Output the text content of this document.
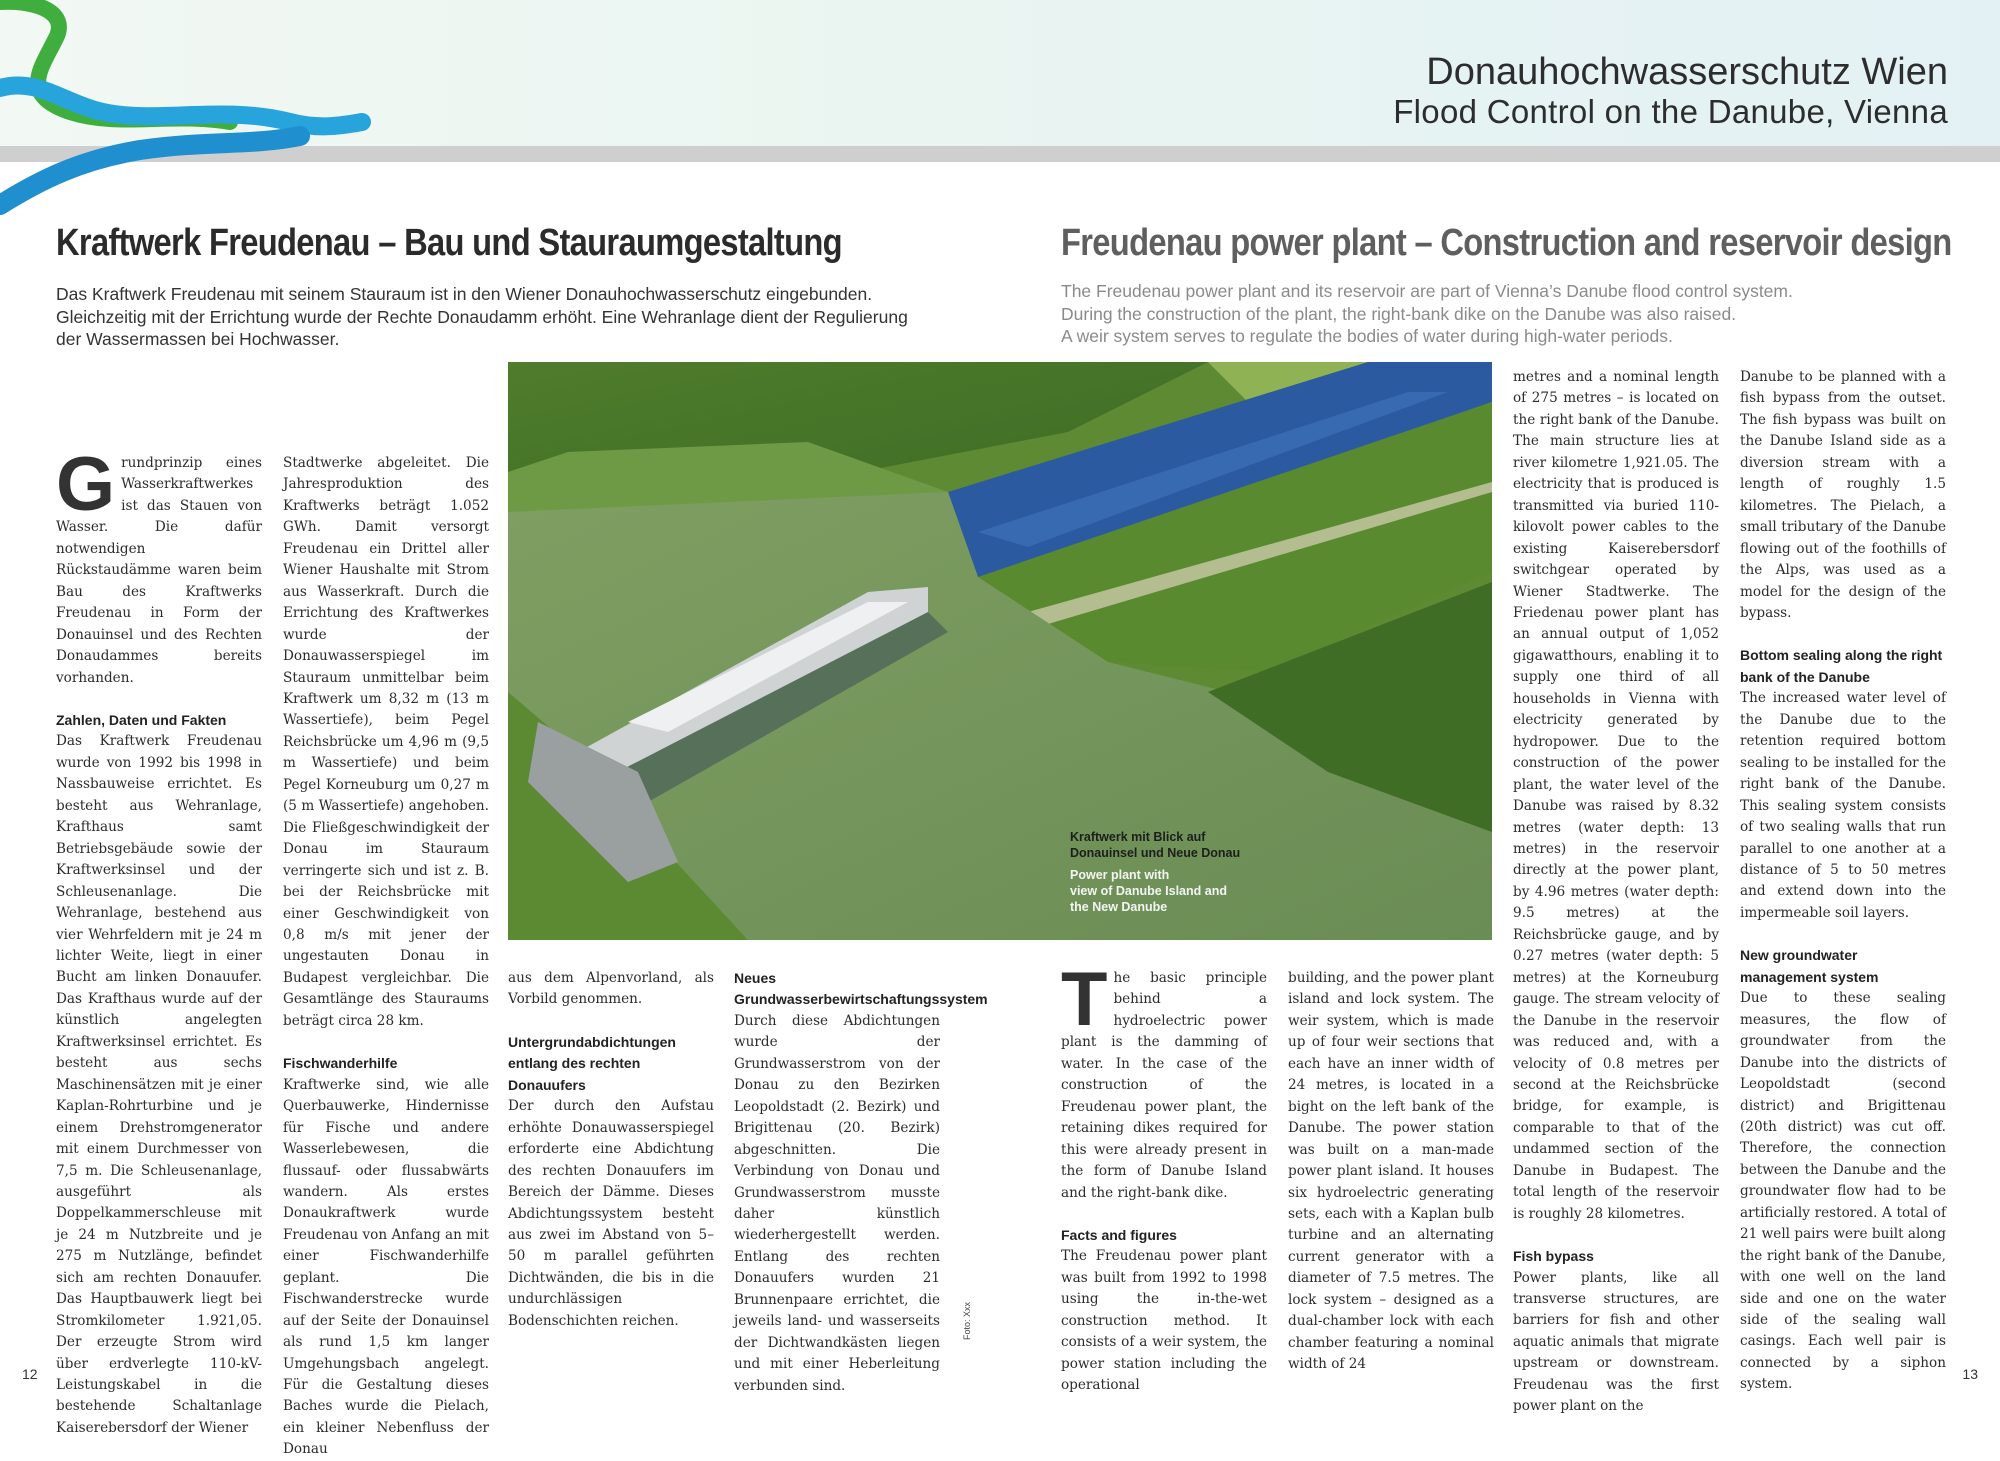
Donauhochwasserschutz Wien
Flood Control on the Danube, Vienna
Kraftwerk Freudenau – Bau und Stauraumgestaltung	Freudenau power plant – Construction and reservoir design
Das Kraftwerk Freudenau mit seinem Stauraum ist in den Wiener Donauhochwasserschutz eingebunden.
Gleichzeitig mit der Errichtung wurde der Rechte Donaudamm erhöht. Eine Wehranlage dient der Regulierung
der Wassermassen bei Hochwasser.
The Freudenau power plant and its reservoir are part of Vienna’s Danube flood control system.
During the construction of the plant, the right-bank dike on the Danube was also raised.
A weir system serves to regulate the bodies of water during high-water periods.
Kraftwerk mit Blick auf
Donauinsel und Neue Donau
Power plant with
view of Danube Island and
the New Danube
Foto: Xxx

Grundprinzip eines Wasserkraftwerkes ist das Stauen von Wasser. Die dafür notwendigen Rückstaudämme waren beim Bau des Kraftwerks Freudenau in Form der Donauinsel und des Rechten Donaudammes bereits vorhanden.

Zahlen, Daten und Fakten

Das Kraftwerk Freudenau wurde von 1992 bis 1998 in Nassbauweise errichtet. Es besteht aus Wehranlage, Krafthaus samt Betriebsgebäude sowie der Kraftwerksinsel und der Schleusenanlage. Die Wehranlage, bestehend aus vier Wehrfeldern mit je 24 m lichter Weite, liegt in einer Bucht am linken Donauufer. Das Krafthaus wurde auf der künstlich angelegten Kraftwerksinsel errichtet. Es besteht aus sechs Maschinensätzen mit je einer Kaplan-Rohrturbine und je einem Drehstromgenerator mit einem Durchmesser von 7,5 m. Die Schleusenanlage, ausgeführt als Doppelkammerschleuse mit je 24 m Nutzbreite und je 275 m Nutzlänge, befindet sich am rechten Donauufer. Das Hauptbauwerk liegt bei Stromkilometer 1.921,05. Der erzeugte Strom wird über erdverlegte 110-kV-Leistungskabel in die bestehende Schaltanlage Kaiserebersdorf der Wiener

Stadtwerke abgeleitet. Die Jahresproduktion des Kraftwerks beträgt 1.052 GWh. Damit versorgt Freudenau ein Drittel aller Wiener Haushalte mit Strom aus Wasserkraft. Durch die Errichtung des Kraftwerkes wurde der Donauwasserspiegel im Stauraum unmittelbar beim Kraftwerk um 8,32 m (13 m Wassertiefe), beim Pegel Reichsbrücke um 4,96 m (9,5 m Wassertiefe) und beim Pegel Korneuburg um 0,27 m (5 m Wassertiefe) angehoben. Die Fließgeschwindigkeit der Donau im Stauraum verringerte sich und ist z. B. bei der Reichsbrücke mit einer Geschwindigkeit von 0,8 m/s mit jener der ungestauten Donau in Budapest vergleichbar. Die Gesamtlänge des Stauraums beträgt circa 28 km.

Fischwanderhilfe

Kraftwerke sind, wie alle Querbauwerke, Hindernisse für Fische und andere Wasserlebewesen, die flussauf- oder flussabwärts wandern. Als erstes Donaukraftwerk wurde Freudenau von Anfang an mit einer Fischwanderhilfe geplant. Die Fischwanderstrecke wurde auf der Seite der Donauinsel als rund 1,5 km langer Umgehungsbach angelegt. Für die Gestaltung dieses Baches wurde die Pielach, ein kleiner Nebenfluss der Donau

aus dem Alpenvorland, als Vorbild genommen.

Untergrundabdichtungen entlang des rechten Donauufers

Der durch den Aufstau erhöhte Donauwasserspiegel erforderte eine Abdichtung des rechten Donauufers im Bereich der Dämme. Dieses Abdichtungssystem besteht aus zwei im Abstand von 5–50 m parallel geführten Dichtwänden, die bis in die undurchlässigen Bodenschichten reichen.

Neues Grundwasserbewirtschaftungssystem

Durch diese Abdichtungen wurde der Grundwasserstrom von der Donau zu den Bezirken Leopoldstadt (2. Bezirk) und Brigittenau (20. Bezirk) abgeschnitten. Die Verbindung von Donau und Grundwasserstrom musste daher künstlich wiederhergestellt werden. Entlang des rechten Donauufers wurden 21 Brunnenpaare errichtet, die jeweils land- und wasserseits der Dichtwandkästen liegen und mit einer Heberleitung verbunden sind.

The basic principle behind a hydroelectric power plant is the damming of water. In the case of the construction of the Freudenau power plant, the retaining dikes required for this were already present in the form of Danube Island and the right-bank dike.

Facts and figures

The Freudenau power plant was built from 1992 to 1998 using the in-the-wet construction method. It consists of a weir system, the power station including the operational

building, and the power plant island and lock system. The weir system, which is made up of four weir sections that each have an inner width of 24 metres, is located in a bight on the left bank of the Danube. The power station was built on a man-made power plant island. It houses six hydroelectric generating sets, each with a Kaplan bulb turbine and an alternating current generator with a diameter of 7.5 metres. The lock system – designed as a dual-chamber lock with each chamber featuring a nominal width of 24

metres and a nominal length of 275 metres – is located on the right bank of the Danube. The main structure lies at river kilometre 1,921.05. The electricity that is produced is transmitted via buried 110-kilovolt power cables to the existing Kaiserebersdorf switchgear operated by Wiener Stadtwerke. The Friedenau power plant has an annual output of 1,052 gigawatthours, enabling it to supply one third of all households in Vienna with electricity generated by hydropower. Due to the construction of the power plant, the water level of the Danube was raised by 8.32 metres (water depth: 13 metres) in the reservoir directly at the power plant, by 4.96 metres (water depth: 9.5 metres) at the Reichsbrücke gauge, and by 0.27 metres (water depth: 5 metres) at the Korneuburg gauge. The stream velocity of the Danube in the reservoir was reduced and, with a velocity of 0.8 metres per second at the Reichsbrücke bridge, for example, is comparable to that of the undammed section of the Danube in Budapest. The total length of the reservoir is roughly 28 kilometres.

Fish bypass

Power plants, like all transverse structures, are barriers for fish and other aquatic animals that migrate upstream or downstream. Freudenau was the first power plant on the

Danube to be planned with a fish bypass from the outset. The fish bypass was built on the Danube Island side as a diversion stream with a length of roughly 1.5 kilometres. The Pielach, a small tributary of the Danube flowing out of the foothills of the Alps, was used as a model for the design of the bypass.

Bottom sealing along the right bank of the Danube

The increased water level of the Danube due to the retention required bottom sealing to be installed for the right bank of the Danube. This sealing system consists of two sealing walls that run parallel to one another at a distance of 5 to 50 metres and extend down into the impermeable soil layers.

New groundwater management system

Due to these sealing measures, the flow of groundwater from the Danube into the districts of Leopoldstadt (second district) and Brigittenau (20th district) was cut off. Therefore, the connection between the Danube and the groundwater flow had to be artificially restored. A total of 21 well pairs were built along the right bank of the Danube, with one well on the land side and one on the water side of the sealing wall casings. Each well pair is connected by a siphon system.

12	13
